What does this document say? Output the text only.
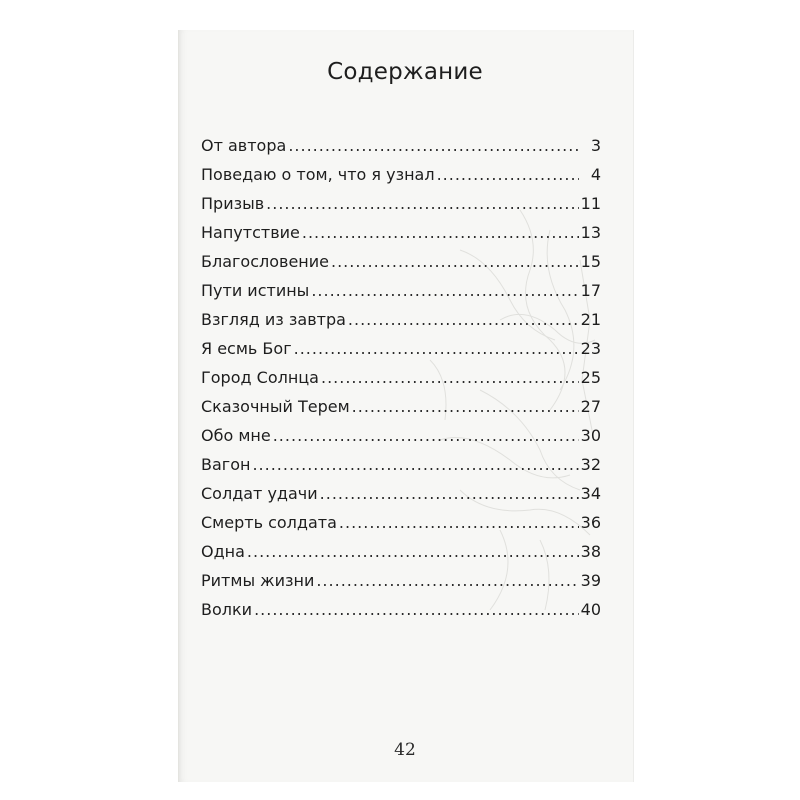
Содержание
От автора .....	3
Поведаю о том, что я узнал .....	4
Призыв .....	11
Напутствие .....	13
Благословение .....	15
Пути истины .....	17
Взгляд из завтра .....	21
Я есмь Бог .....	23
Город Солнца .....	25
Сказочный Терем .....	27
Обо мне .....	30
Вагон .....	32
Солдат удачи .....	34
Смерть солдата .....	36
Одна .....	38
Ритмы жизни .....	39
Волки .....	40
42
